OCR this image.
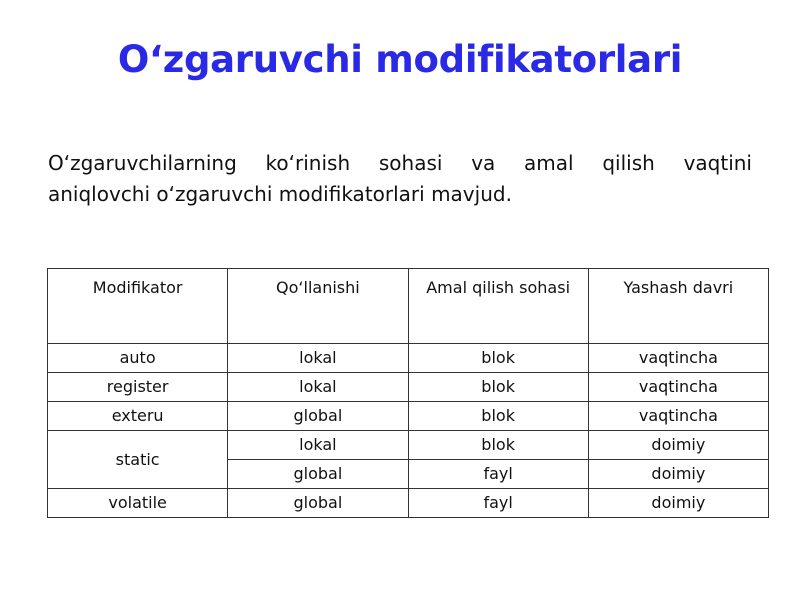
O‘zgaruvchi modifikatorlari

O‘zgaruvchilarning ko‘rinish sohasi va amal qilish vaqtini
aniqlovchi o‘zgaruvchi modifikatorlari mavjud.

Modifikator	Qo‘llanishi	Amal qilish sohasi	Yashash davri
auto	lokal	blok	vaqtincha
register	lokal	blok	vaqtincha
exteru	global	blok	vaqtincha
static	lokal	blok	doimiy
	global	fayl	doimiy
volatile	global	fayl	doimiy
